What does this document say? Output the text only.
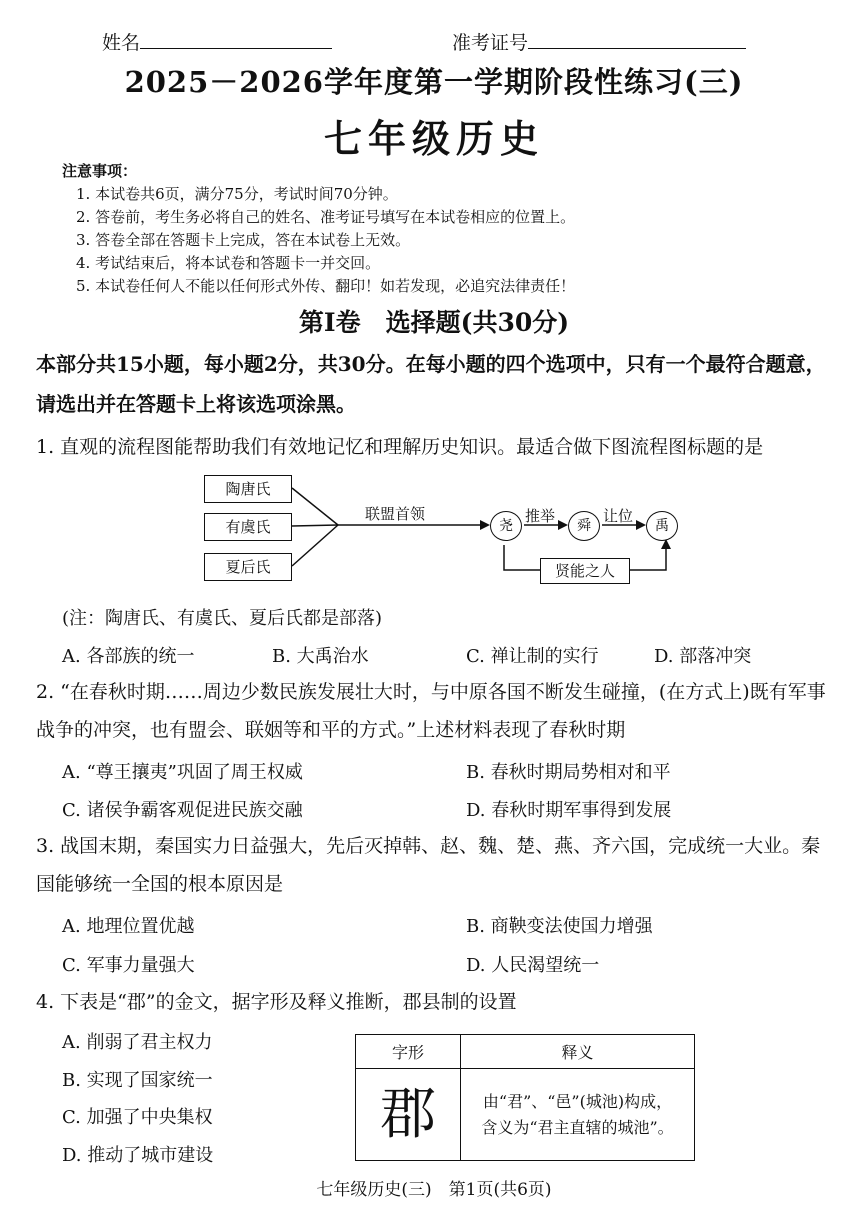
姓名	准考证号
2025－2026学年度第一学期阶段性练习(三)
七年级历史
注意事项：
1. 本试卷共6页，满分75分，考试时间70分钟。
2. 答卷前，考生务必将自己的姓名、准考证号填写在本试卷相应的位置上。
3. 答卷全部在答题卡上完成，答在本试卷上无效。
4. 考试结束后，将本试卷和答题卡一并交回。
5. 本试卷任何人不能以任何形式外传、翻印！如若发现，必追究法律责任！
第Ⅰ卷　选择题(共30分)
本部分共15小题，每小题2分，共30分。在每小题的四个选项中，只有一个最符合题意，请选出并在答题卡上将该选项涂黑。
1. 直观的流程图能帮助我们有效地记忆和理解历史知识。最适合做下图流程图标题的是
陶唐氏
有虞氏
夏后氏
联盟首领
尧	舜	禹
推举	让位
贤能之人
(注：陶唐氏、有虞氏、夏后氏都是部落)
A. 各部族的统一	B. 大禹治水	C. 禅让制的实行	D. 部落冲突
2. “在春秋时期……周边少数民族发展壮大时，与中原各国不断发生碰撞，(在方式上)既有军事战争的冲突，也有盟会、联姻等和平的方式。”上述材料表现了春秋时期
A. “尊王攘夷”巩固了周王权威	B. 春秋时期局势相对和平
C. 诸侯争霸客观促进民族交融	D. 春秋时期军事得到发展
3. 战国末期，秦国实力日益强大，先后灭掉韩、赵、魏、楚、燕、齐六国，完成统一大业。秦国能够统一全国的根本原因是
A. 地理位置优越	B. 商鞅变法使国力增强
C. 军事力量强大	D. 人民渴望统一
4. 下表是“郡”的金文，据字形及释义推断，郡县制的设置
A. 削弱了君主权力
B. 实现了国家统一
C. 加强了中央集权
D. 推动了城市建设
字形	释义
郡	由“君”、“邑”(城池)构成，
含义为“君主直辖的城池”。
七年级历史(三)　第1页(共6页)
